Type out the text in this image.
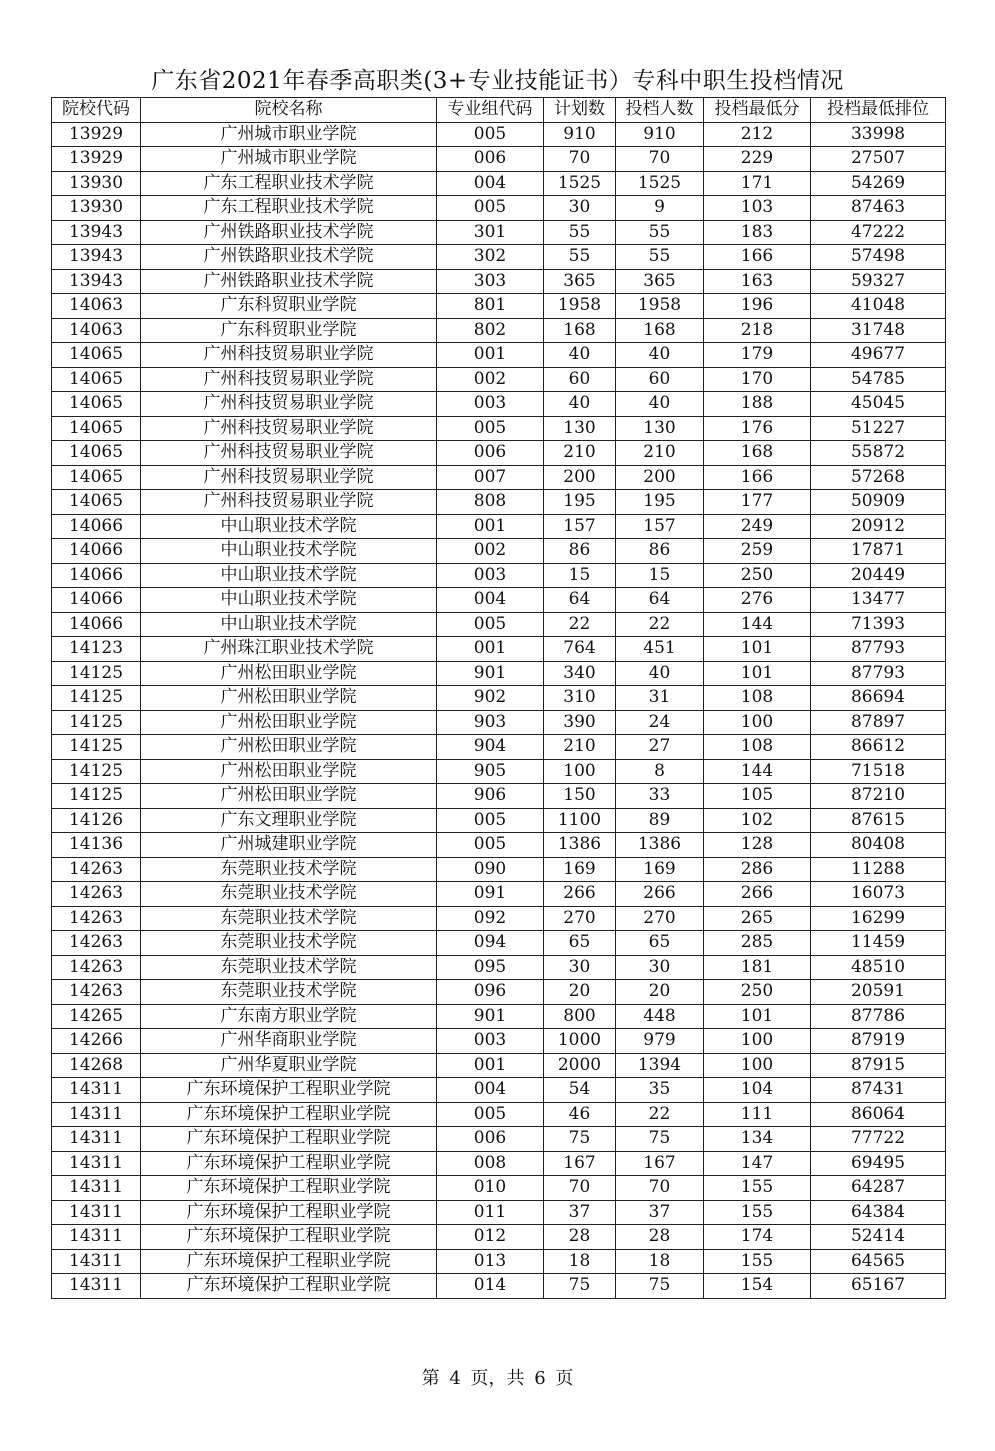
广东省2021年春季高职类(3+专业技能证书）专科中职生投档情况
院校代码	院校名称	专业组代码	计划数	投档人数	投档最低分	投档最低排位
13929	广州城市职业学院	005	910	910	212	33998
13929	广州城市职业学院	006	70	70	229	27507
13930	广东工程职业技术学院	004	1525	1525	171	54269
13930	广东工程职业技术学院	005	30	9	103	87463
13943	广州铁路职业技术学院	301	55	55	183	47222
13943	广州铁路职业技术学院	302	55	55	166	57498
13943	广州铁路职业技术学院	303	365	365	163	59327
14063	广东科贸职业学院	801	1958	1958	196	41048
14063	广东科贸职业学院	802	168	168	218	31748
14065	广州科技贸易职业学院	001	40	40	179	49677
14065	广州科技贸易职业学院	002	60	60	170	54785
14065	广州科技贸易职业学院	003	40	40	188	45045
14065	广州科技贸易职业学院	005	130	130	176	51227
14065	广州科技贸易职业学院	006	210	210	168	55872
14065	广州科技贸易职业学院	007	200	200	166	57268
14065	广州科技贸易职业学院	808	195	195	177	50909
14066	中山职业技术学院	001	157	157	249	20912
14066	中山职业技术学院	002	86	86	259	17871
14066	中山职业技术学院	003	15	15	250	20449
14066	中山职业技术学院	004	64	64	276	13477
14066	中山职业技术学院	005	22	22	144	71393
14123	广州珠江职业技术学院	001	764	451	101	87793
14125	广州松田职业学院	901	340	40	101	87793
14125	广州松田职业学院	902	310	31	108	86694
14125	广州松田职业学院	903	390	24	100	87897
14125	广州松田职业学院	904	210	27	108	86612
14125	广州松田职业学院	905	100	8	144	71518
14125	广州松田职业学院	906	150	33	105	87210
14126	广东文理职业学院	005	1100	89	102	87615
14136	广州城建职业学院	005	1386	1386	128	80408
14263	东莞职业技术学院	090	169	169	286	11288
14263	东莞职业技术学院	091	266	266	266	16073
14263	东莞职业技术学院	092	270	270	265	16299
14263	东莞职业技术学院	094	65	65	285	11459
14263	东莞职业技术学院	095	30	30	181	48510
14263	东莞职业技术学院	096	20	20	250	20591
14265	广东南方职业学院	901	800	448	101	87786
14266	广州华商职业学院	003	1000	979	100	87919
14268	广州华夏职业学院	001	2000	1394	100	87915
14311	广东环境保护工程职业学院	004	54	35	104	87431
14311	广东环境保护工程职业学院	005	46	22	111	86064
14311	广东环境保护工程职业学院	006	75	75	134	77722
14311	广东环境保护工程职业学院	008	167	167	147	69495
14311	广东环境保护工程职业学院	010	70	70	155	64287
14311	广东环境保护工程职业学院	011	37	37	155	64384
14311	广东环境保护工程职业学院	012	28	28	174	52414
14311	广东环境保护工程职业学院	013	18	18	155	64565
14311	广东环境保护工程职业学院	014	75	75	154	65167
第 4 页，共 6 页
